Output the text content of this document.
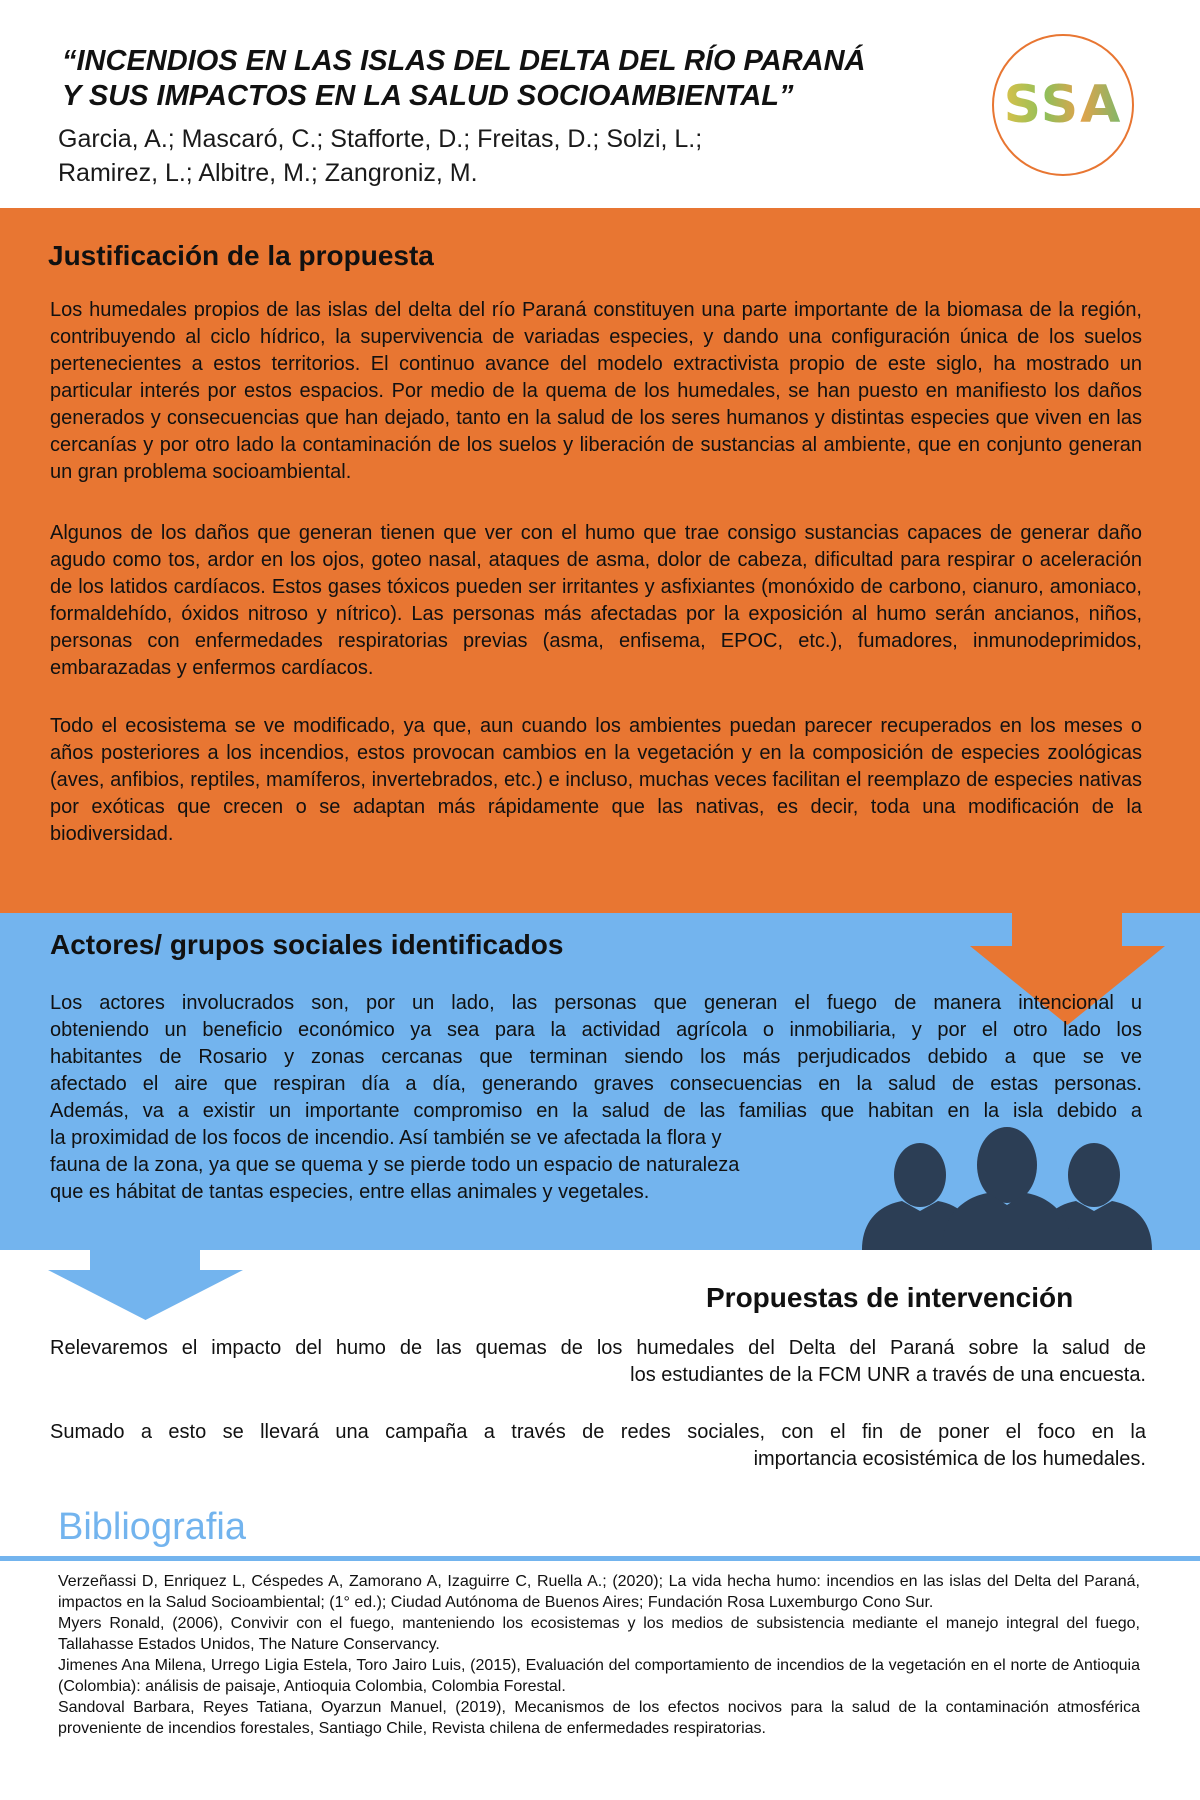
“INCENDIOS EN LAS ISLAS DEL DELTA DEL RÍO PARANÁ
Y SUS IMPACTOS EN LA SALUD SOCIOAMBIENTAL”
Garcia, A.; Mascaró, C.; Stafforte, D.; Freitas, D.; Solzi, L.;
Ramirez, L.; Albitre, M.; Zangroniz, M.
SSA
Justificación de la propuesta

Los humedales propios de las islas del delta del río Paraná constituyen una parte importante de la biomasa de la región, contribuyendo al ciclo hídrico, la supervivencia de variadas especies, y dando una configuración única de los suelos pertenecientes a estos territorios. El continuo avance del modelo extractivista propio de este siglo, ha mostrado un particular interés por estos espacios. Por medio de la quema de los humedales, se han puesto en manifiesto los daños generados y consecuencias que han dejado, tanto en la salud de los seres humanos y distintas especies que viven en las cercanías y por otro lado la contaminación de los suelos y liberación de sustancias al ambiente, que en conjunto generan un gran problema socioambiental.

Algunos de los daños que generan tienen que ver con el humo que trae consigo sustancias capaces de generar daño agudo como tos, ardor en los ojos, goteo nasal, ataques de asma, dolor de cabeza, dificultad para respirar o aceleración de los latidos cardíacos. Estos gases tóxicos pueden ser irritantes y asfixiantes (monóxido de carbono, cianuro, amoniaco, formaldehído, óxidos nitroso y nítrico). Las personas más afectadas por la exposición al humo serán ancianos, niños, personas con enfermedades respiratorias previas (asma, enfisema, EPOC, etc.), fumadores, inmunodeprimidos, embarazadas y enfermos cardíacos.

Todo el ecosistema se ve modificado, ya que, aun cuando los ambientes puedan parecer recuperados en los meses o años posteriores a los incendios, estos provocan cambios en la vegetación y en la composición de especies zoológicas (aves, anfibios, reptiles, mamíferos, invertebrados, etc.) e incluso, muchas veces facilitan el reemplazo de especies nativas por exóticas que crecen o se adaptan más rápidamente que las nativas, es decir, toda una modificación de la biodiversidad.

Actores/ grupos sociales identificados
Los actores involucrados son, por un lado, las personas que generan el fuego de manera intencional u
obteniendo un beneficio económico ya sea para la actividad agrícola o inmobiliaria, y por el otro lado los
habitantes de Rosario y zonas cercanas que terminan siendo los más perjudicados debido a que se ve
afectado el aire que respiran día a día, generando graves consecuencias en la salud de estas personas.
Además, va a existir un importante compromiso en la salud de las familias que habitan en la isla debido a
la proximidad de los focos de incendio. Así también se ve afectada la flora y
fauna de la zona, ya que se quema y se pierde todo un espacio de naturaleza
que es hábitat de tantas especies, entre ellas animales y vegetales.
Propuestas de intervención
Relevaremos el impacto del humo de las quemas de los humedales del Delta del Paraná sobre la salud de
los estudiantes de la FCM UNR a través de una encuesta.
Sumado a esto se llevará una campaña a través de redes sociales, con el fin de poner el foco en la
importancia ecosistémica de los humedales.
Bibliografia
Verzeñassi D, Enriquez L, Céspedes A, Zamorano A, Izaguirre C, Ruella A.; (2020); La vida hecha humo: incendios en las islas del Delta del Paraná, impactos en la Salud Socioambiental; (1° ed.); Ciudad Autónoma de Buenos Aires; Fundación Rosa Luxemburgo Cono Sur.
Myers Ronald, (2006), Convivir con el fuego, manteniendo los ecosistemas y los medios de subsistencia mediante el manejo integral del fuego, Tallahasse Estados Unidos, The Nature Conservancy.
Jimenes Ana Milena, Urrego Ligia Estela, Toro Jairo Luis, (2015), Evaluación del comportamiento de incendios de la vegetación en el norte de Antioquia (Colombia): análisis de paisaje, Antioquia Colombia, Colombia Forestal.
Sandoval Barbara, Reyes Tatiana, Oyarzun Manuel, (2019), Mecanismos de los efectos nocivos para la salud de la contaminación atmosférica proveniente de incendios forestales, Santiago Chile, Revista chilena de enfermedades respiratorias.
